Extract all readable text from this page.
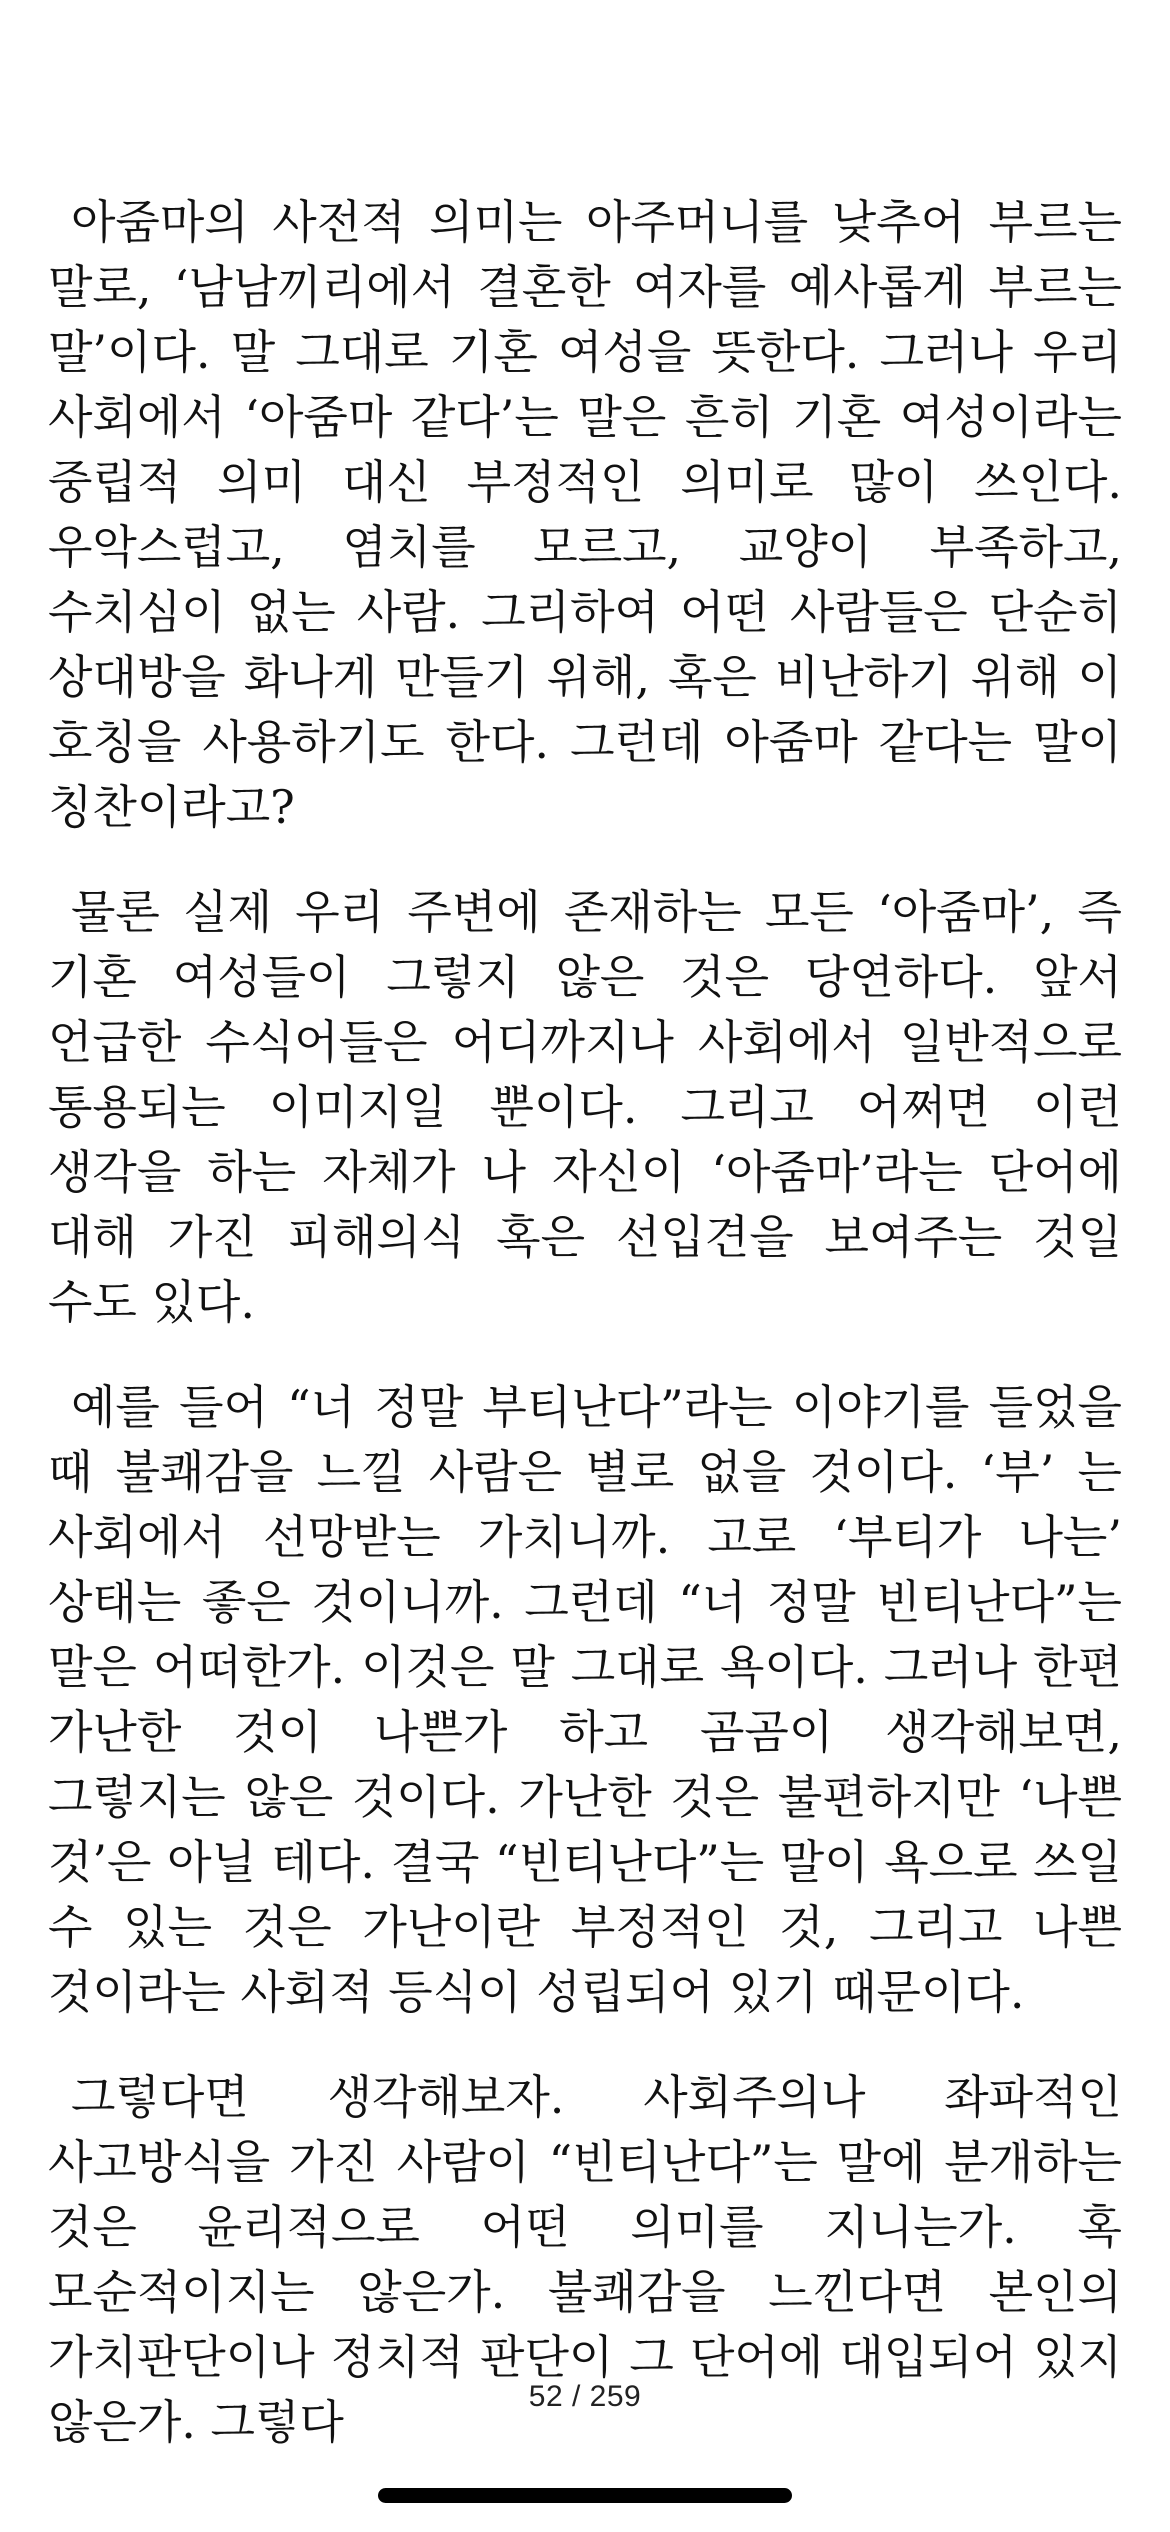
아줌마의 사전적 의미는 아주머니를 낮추어 부르는 말로, ‘남남끼리에서 결혼한 여자를 예사롭게 부르는 말’이다. 말 그대로 기혼 여성을 뜻한다. 그러나 우리 사회에서 ‘아줌마 같다’는 말은 흔히 기혼 여성이라는 중립적 의미 대신 부정적인 의미로 많이 쓰인다. 우악스럽고, 염치를 모르고, 교양이 부족하고, 수치심이 없는 사람. 그리하여 어떤 사람들은 단순히 상대방을 화나게 만들기 위해, 혹은 비난하기 위해 이 호칭을 사용하기도 한다. 그런데 아줌마 같다는 말이 칭찬이라고?

물론 실제 우리 주변에 존재하는 모든 ‘아줌마’, 즉 기혼 여성들이 그렇지 않은 것은 당연하다. 앞서 언급한 수식어들은 어디까지나 사회에서 일반적으로 통용되는 이미지일 뿐이다. 그리고 어쩌면 이런 생각을 하는 자체가 나 자신이 ‘아줌마’라는 단어에 대해 가진 피해의식 혹은 선입견을 보여주는 것일 수도 있다.

예를 들어 “너 정말 부티난다”라는 이야기를 들었을 때 불쾌감을 느낄 사람은 별로 없을 것이다. ‘부’ 는 사회에서 선망받는 가치니까. 고로 ‘부티가 나는’ 상태는 좋은 것이니까. 그런데 “너 정말 빈티난다”는 말은 어떠한가. 이것은 말 그대로 욕이다. 그러나 한편 가난한 것이 나쁜가 하고 곰곰이 생각해보면, 그렇지는 않은 것이다. 가난한 것은 불편하지만 ‘나쁜 것’은 아닐 테다. 결국 “빈티난다”는 말이 욕으로 쓰일 수 있는 것은 가난이란 부정적인 것, 그리고 나쁜 것이라는 사회적 등식이 성립되어 있기 때문이다.

그렇다면 생각해보자. 사회주의나 좌파적인 사고방식을 가진 사람이 “빈티난다”는 말에 분개하는 것은 윤리적으로 어떤 의미를 지니는가. 혹 모순적이지는 않은가. 불쾌감을 느낀다면 본인의 가치판단이나 정치적 판단이 그 단어에 대입되어 있지 않은가. 그렇다	52 / 259
